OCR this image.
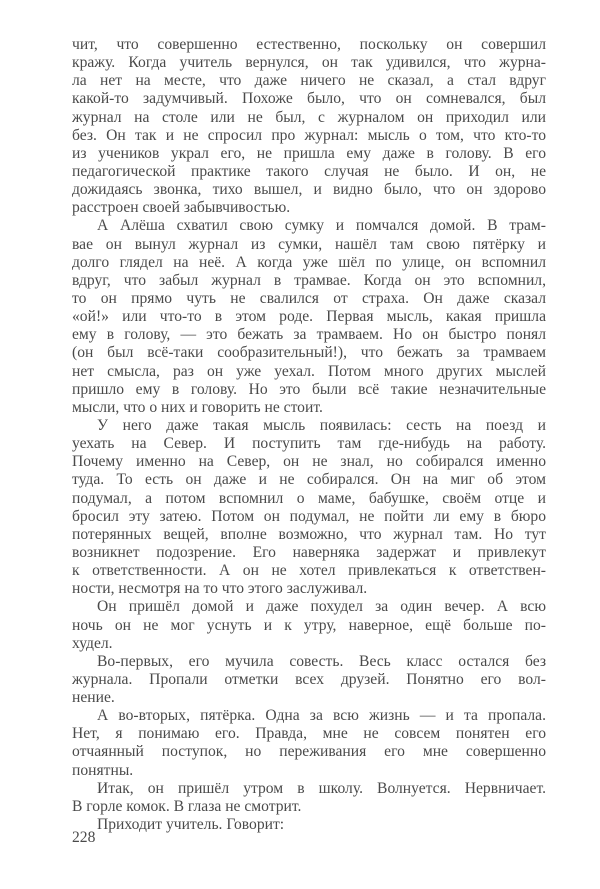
чит, что совершенно естественно, поскольку он совершил
кражу. Когда учитель вернулся, он так удивился, что журна-
ла нет на месте, что даже ничего не сказал, а стал вдруг
какой-то задумчивый. Похоже было, что он сомневался, был
журнал на столе или не был, с журналом он приходил или
без. Он так и не спросил про журнал: мысль о том, что кто-то
из учеников украл его, не пришла ему даже в голову. В его
педагогической практике такого случая не было. И он, не
дожидаясь звонка, тихо вышел, и видно было, что он здорово
расстроен своей забывчивостью.
А Алёша схватил свою сумку и помчался домой. В трам-
вае он вынул журнал из сумки, нашёл там свою пятёрку и
долго глядел на неё. А когда уже шёл по улице, он вспомнил
вдруг, что забыл журнал в трамвае. Когда он это вспомнил,
то он прямо чуть не свалился от страха. Он даже сказал
«ой!» или что-то в этом роде. Первая мысль, какая пришла
ему в голову, — это бежать за трамваем. Но он быстро понял
(он был всё-таки сообразительный!), что бежать за трамваем
нет смысла, раз он уже уехал. Потом много других мыслей
пришло ему в голову. Но это были всё такие незначительные
мысли, что о них и говорить не стоит.
У него даже такая мысль появилась: сесть на поезд и
уехать на Север. И поступить там где-нибудь на работу.
Почему именно на Север, он не знал, но собирался именно
туда. То есть он даже и не собирался. Он на миг об этом
подумал, а потом вспомнил о маме, бабушке, своём отце и
бросил эту затею. Потом он подумал, не пойти ли ему в бюро
потерянных вещей, вполне возможно, что журнал там. Но тут
возникнет подозрение. Его наверняка задержат и привлекут
к ответственности. А он не хотел привлекаться к ответствен-
ности, несмотря на то что этого заслуживал.
Он пришёл домой и даже похудел за один вечер. А всю
ночь он не мог уснуть и к утру, наверное, ещё больше по-
худел.
Во-первых, его мучила совесть. Весь класс остался без
журнала. Пропали отметки всех друзей. Понятно его вол-
нение.
А во-вторых, пятёрка. Одна за всю жизнь — и та пропала.
Нет, я понимаю его. Правда, мне не совсем понятен его
отчаянный поступок, но переживания его мне совершенно
понятны.
Итак, он пришёл утром в школу. Волнуется. Нервничает.
В горле комок. В глаза не смотрит.
Приходит учитель. Говорит:
228
